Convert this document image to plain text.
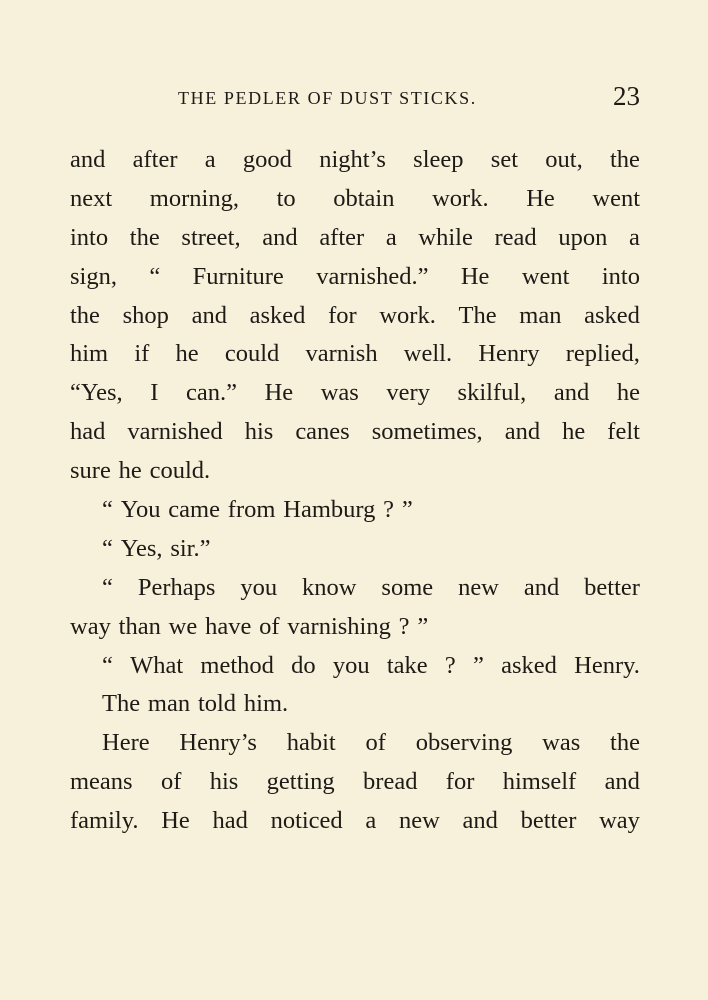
THE PEDLER OF DUST STICKS.	23
and after a good night’s sleep set out, the
next morning, to obtain work. He went
into the street, and after a while read upon a
sign, “ Furniture varnished.” He went into
the shop and asked for work. The man asked
him if he could varnish well. Henry replied,
“Yes, I can.” He was very skilful, and he
had varnished his canes sometimes, and he felt
sure he could.
“ You came from Hamburg ? ”
“ Yes, sir.”
“ Perhaps you know some new and better
way than we have of varnishing ? ”
“ What method do you take ? ” asked Henry.
The man told him.
Here Henry’s habit of observing was the
means of his getting bread for himself and
family. He had noticed a new and better way
